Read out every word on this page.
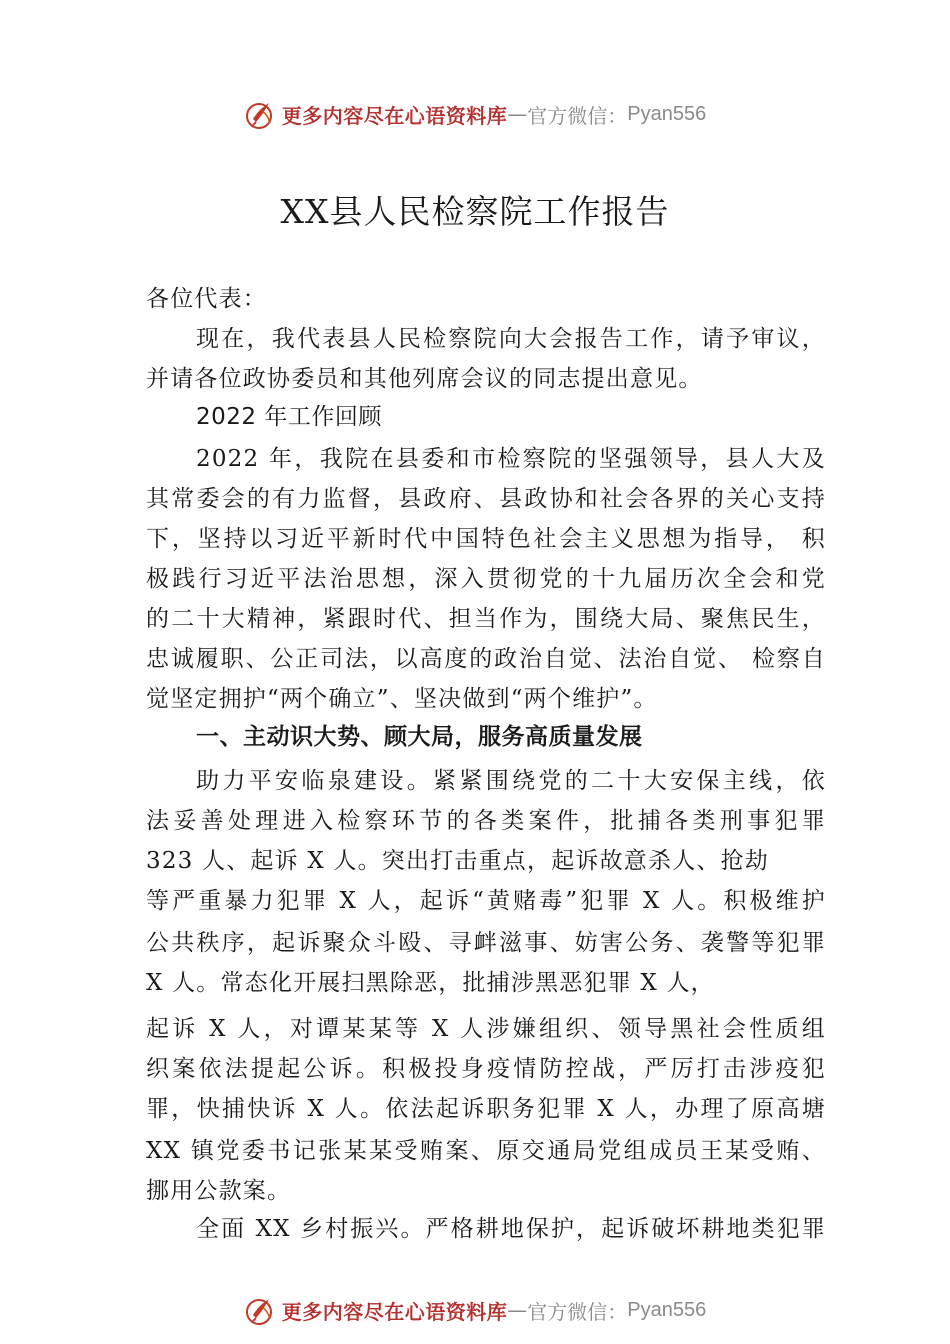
更多内容尽在心语资料库 — 官方微信： Pyan556
XX县人民检察院工作报告
各位代表：
现在，我代表县人民检察院向大会报告工作，请予审议，
并请各位政协委员和其他列席会议的同志提出意见。
2022 年工作回顾
2022 年，我院在县委和市检察院的坚强领导，县人大及
其常委会的有力监督，县政府、县政协和社会各界的关心支持
下，坚持以习近平新时代中国特色社会主义思想为指导， 积
极践行习近平法治思想，深入贯彻党的十九届历次全会和党
的二十大精神，紧跟时代、担当作为，围绕大局、聚焦民生，
忠诚履职、公正司法，以高度的政治自觉、法治自觉、 检察自
觉坚定拥护“两个确立”、坚决做到“两个维护”。
一、主动识大势、顾大局，服务高质量发展
助力平安临泉建设。紧紧围绕党的二十大安保主线，依
法妥善处理进入检察环节的各类案件，批捕各类刑事犯罪
323 人、起诉 X 人。突出打击重点，起诉故意杀人、抢劫
等严重暴力犯罪 X 人，起诉“黄赌毒”犯罪 X 人。积极维护
公共秩序，起诉聚众斗殴、寻衅滋事、妨害公务、袭警等犯罪
X 人。常态化开展扫黑除恶，批捕涉黑恶犯罪 X 人，
起诉 X 人，对谭某某等 X 人涉嫌组织、领导黑社会性质组
织案依法提起公诉。积极投身疫情防控战，严厉打击涉疫犯
罪，快捕快诉 X 人。依法起诉职务犯罪 X 人，办理了原高塘
XX 镇党委书记张某某受贿案、原交通局党组成员王某受贿、
挪用公款案。
全面 XX 乡村振兴。严格耕地保护，起诉破坏耕地类犯罪
更多内容尽在心语资料库 — 官方微信： Pyan556
